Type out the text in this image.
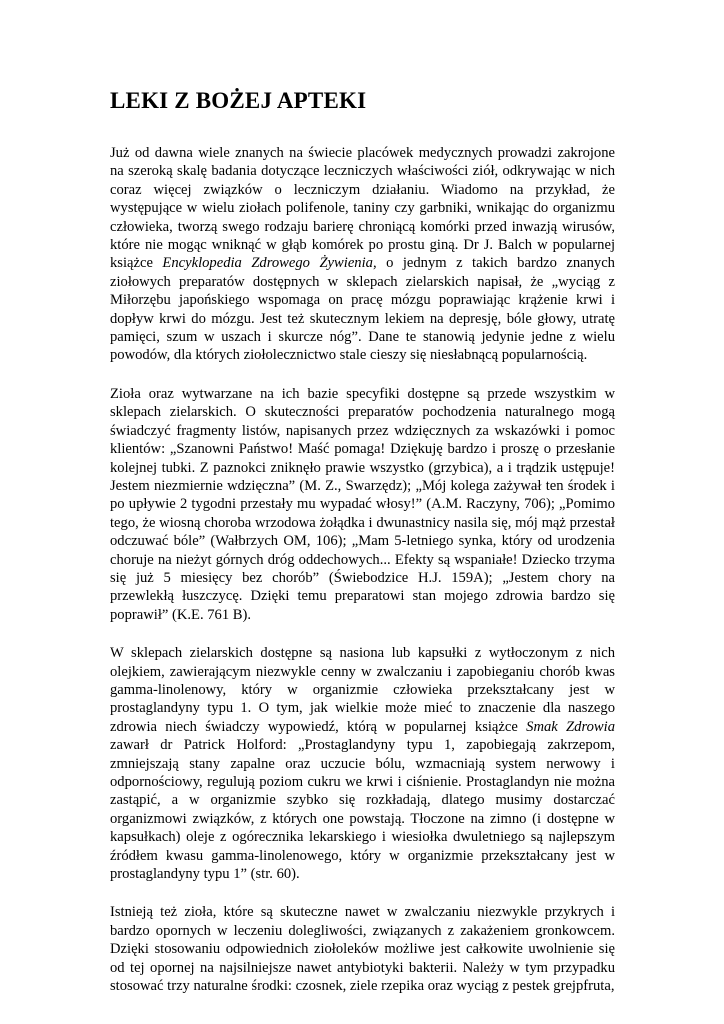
LEKI Z BOŻEJ APTEKI

Już od dawna wiele znanych na świecie placówek medycznych prowadzi zakrojone na szeroką skalę badania dotyczące leczniczych właściwości ziół, odkrywając w nich coraz więcej związków o leczniczym działaniu. Wiadomo na przykład, że występujące w wielu ziołach polifenole, taniny czy garbniki, wnikając do organizmu człowieka, tworzą swego rodzaju barierę chroniącą komórki przed inwazją wirusów, które nie mogąc wniknąć w głąb komórek po prostu giną. Dr J. Balch w popularnej książce Encyklopedia Zdrowego Żywienia, o jednym z takich bardzo znanych ziołowych preparatów dostępnych w sklepach zielarskich napisał, że „wyciąg z Miłorzębu japońskiego wspomaga on pracę mózgu poprawiając krążenie krwi i dopływ krwi do mózgu. Jest też skutecznym lekiem na depresję, bóle głowy, utratę pamięci, szum w uszach i skurcze nóg”. Dane te stanowią jedynie jedne z wielu powodów, dla których ziołolecznictwo stale cieszy się niesłabnącą popularnością.

Zioła oraz wytwarzane na ich bazie specyfiki dostępne są przede wszystkim w sklepach zielarskich. O skuteczności preparatów pochodzenia naturalnego mogą świadczyć fragmenty listów, napisanych przez wdzięcznych za wskazówki i pomoc klientów: „Szanowni Państwo! Maść pomaga! Dziękuję bardzo i proszę o przesłanie kolejnej tubki. Z paznokci zniknęło prawie wszystko (grzybica), a i trądzik ustępuje! Jestem niezmiernie wdzięczna” (M. Z., Swarzędz); „Mój kolega zażywał ten środek i po upływie 2 tygodni przestały mu wypadać włosy!” (A.M. Raczyny, 706); „Pomimo tego, że wiosną choroba wrzodowa żołądka i dwunastnicy nasila się, mój mąż przestał odczuwać bóle” (Wałbrzych OM, 106); „Mam 5-letniego synka, który od urodzenia choruje na nieżyt górnych dróg oddechowych... Efekty są wspaniałe! Dziecko trzyma się już 5 miesięcy bez chorób” (Świebodzice H.J. 159A); „Jestem chory na przewlekłą łuszczycę. Dzięki temu preparatowi stan mojego zdrowia bardzo się poprawił” (K.E. 761 B).

W sklepach zielarskich dostępne są nasiona lub kapsułki z wytłoczonym z nich olejkiem, zawierającym niezwykle cenny w zwalczaniu i zapobieganiu chorób kwas gamma-linolenowy, który w organizmie człowieka przekształcany jest w prostaglandyny typu 1. O tym, jak wielkie może mieć to znaczenie dla naszego zdrowia niech świadczy wypowiedź, którą w popularnej książce Smak Zdrowia zawarł dr Patrick Holford: „Prostaglandyny typu 1, zapobiegają zakrzepom, zmniejszają stany zapalne oraz uczucie bólu, wzmacniają system nerwowy i odpornościowy, regulują poziom cukru we krwi i ciśnienie. Prostaglandyn nie można zastąpić, a w organizmie szybko się rozkładają, dlatego musimy dostarczać organizmowi związków, z których one powstają. Tłoczone na zimno (i dostępne w kapsułkach) oleje z ogórecznika lekarskiego i wiesiołka dwuletniego są najlepszym źródłem kwasu gamma-linolenowego, który w organizmie przekształcany jest w prostaglandyny typu 1” (str. 60).

Istnieją też zioła, które są skuteczne nawet w zwalczaniu niezwykle przykrych i bardzo opornych w leczeniu dolegliwości, związanych z zakażeniem gronkowcem. Dzięki stosowaniu odpowiednich ziołoleków możliwe jest całkowite uwolnienie się od tej opornej na najsilniejsze nawet antybiotyki bakterii. Należy w tym przypadku stosować trzy naturalne środki: czosnek, ziele rzepika oraz wyciąg z pestek grejpfruta,
